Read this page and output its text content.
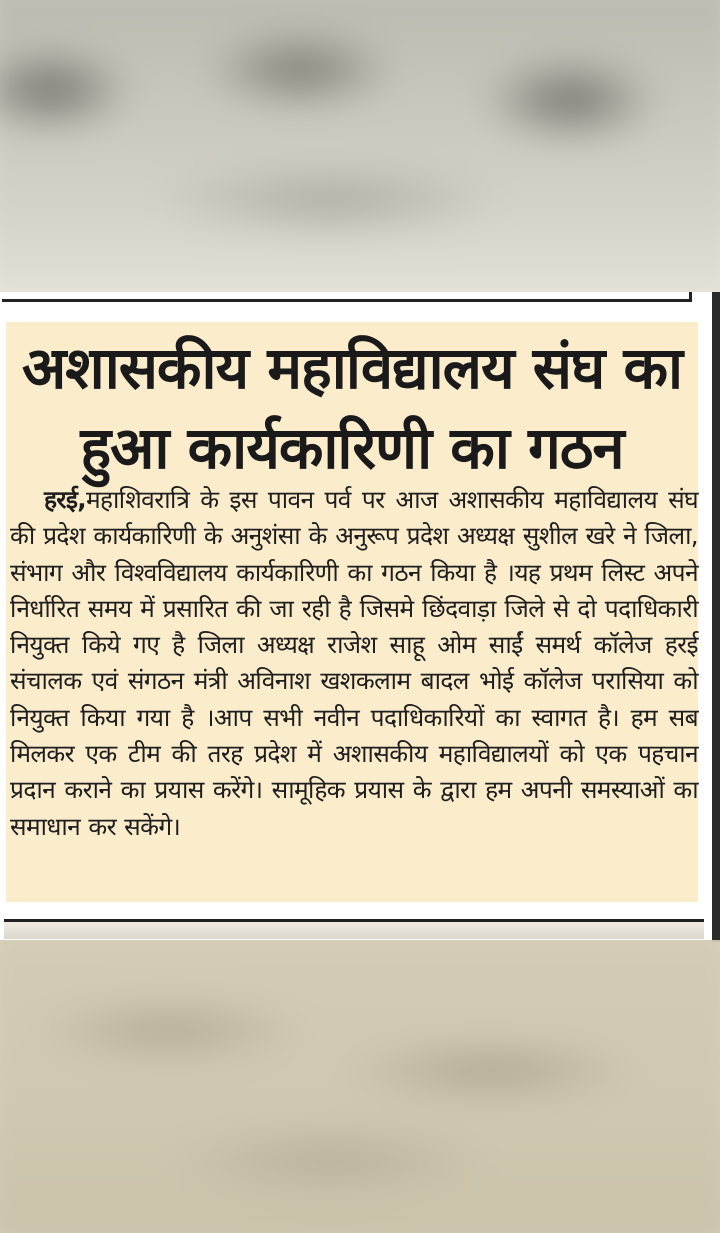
अशासकीय महाविद्यालय संघ का हुआ कार्यकारिणी का गठन

हरई,महाशिवरात्रि के इस पावन पर्व पर आज अशासकीय महाविद्यालय संघ की प्रदेश कार्यकारिणी के अनुशंसा के अनुरूप प्रदेश अध्यक्ष सुशील खरे ने जिला, संभाग और विश्वविद्यालय कार्यकारिणी का गठन किया है ।यह प्रथम लिस्ट अपने निर्धारित समय में प्रसारित की जा रही है जिसमे छिंदवाड़ा जिले से दो पदाधिकारी नियुक्त किये गए है जिला अध्यक्ष राजेश साहू ओम साईं समर्थ कॉलेज हरई संचालक एवं संगठन मंत्री अविनाश खशकलाम बादल भोई कॉलेज परासिया को नियुक्त किया गया है ।आप सभी नवीन पदाधिकारियों का स्वागत है। हम सब मिलकर एक टीम की तरह प्रदेश में अशासकीय महाविद्यालयों को एक पहचान प्रदान कराने का प्रयास करेंगे। सामूहिक प्रयास के द्वारा हम अपनी समस्याओं का समाधान कर सकेंगे।
